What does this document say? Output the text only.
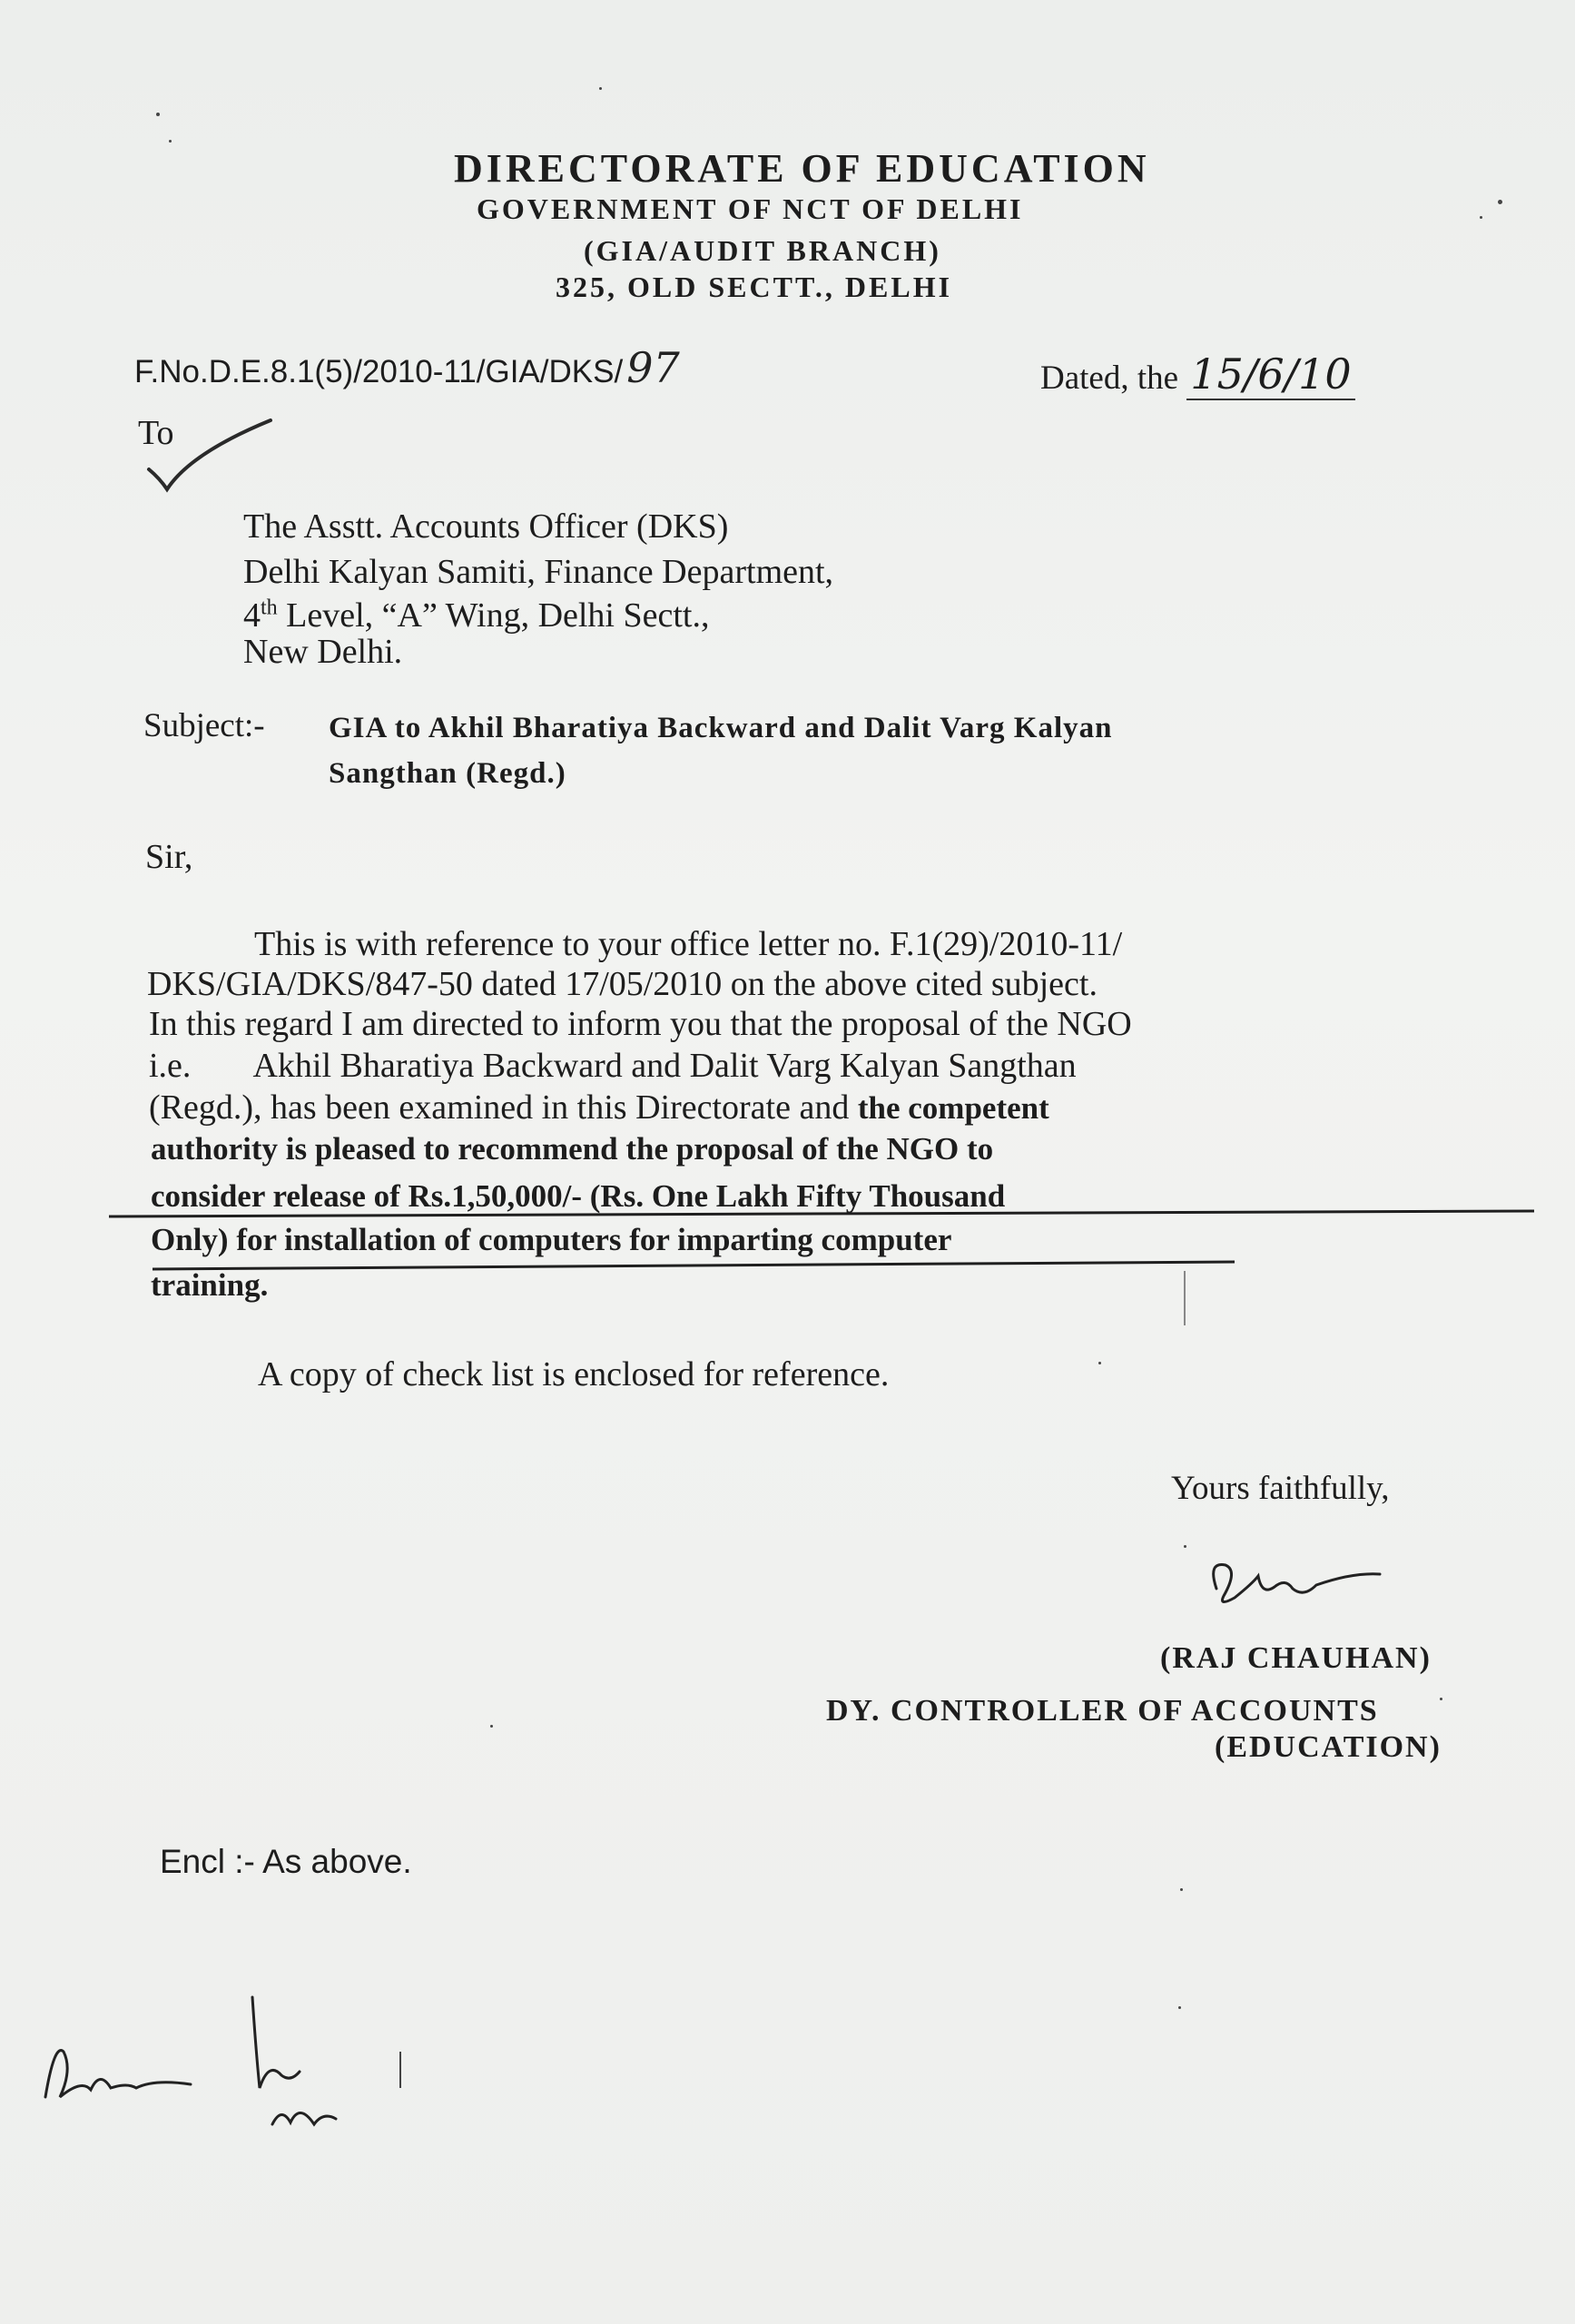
DIRECTORATE OF EDUCATION
GOVERNMENT OF NCT OF DELHI
(GIA/AUDIT BRANCH)
325, OLD SECTT., DELHI
F.No.D.E.8.1(5)/2010-11/GIA/DKS/97	Dated, the 15/6/10
To
The Asstt. Accounts Officer (DKS)
Delhi Kalyan Samiti, Finance Department,
4th Level, “A” Wing, Delhi Sectt.,
New Delhi.
Subject:- GIA to Akhil Bharatiya Backward and Dalit Varg Kalyan
Sangthan (Regd.)
Sir,
This is with reference to your office letter no. F.1(29)/2010-11/
DKS/GIA/DKS/847-50 dated 17/05/2010 on the above cited subject.
In this regard I am directed to inform you that the proposal of the NGO
i.e. Akhil Bharatiya Backward and Dalit Varg Kalyan Sangthan
(Regd.), has been examined in this Directorate and the competent
authority is pleased to recommend the proposal of the NGO to
consider release of Rs.1,50,000/- (Rs. One Lakh Fifty Thousand
Only) for installation of computers for imparting computer
training.
A copy of check list is enclosed for reference.
Yours faithfully,
(RAJ CHAUHAN)
DY. CONTROLLER OF ACCOUNTS
(EDUCATION)
Encl :- As above.
